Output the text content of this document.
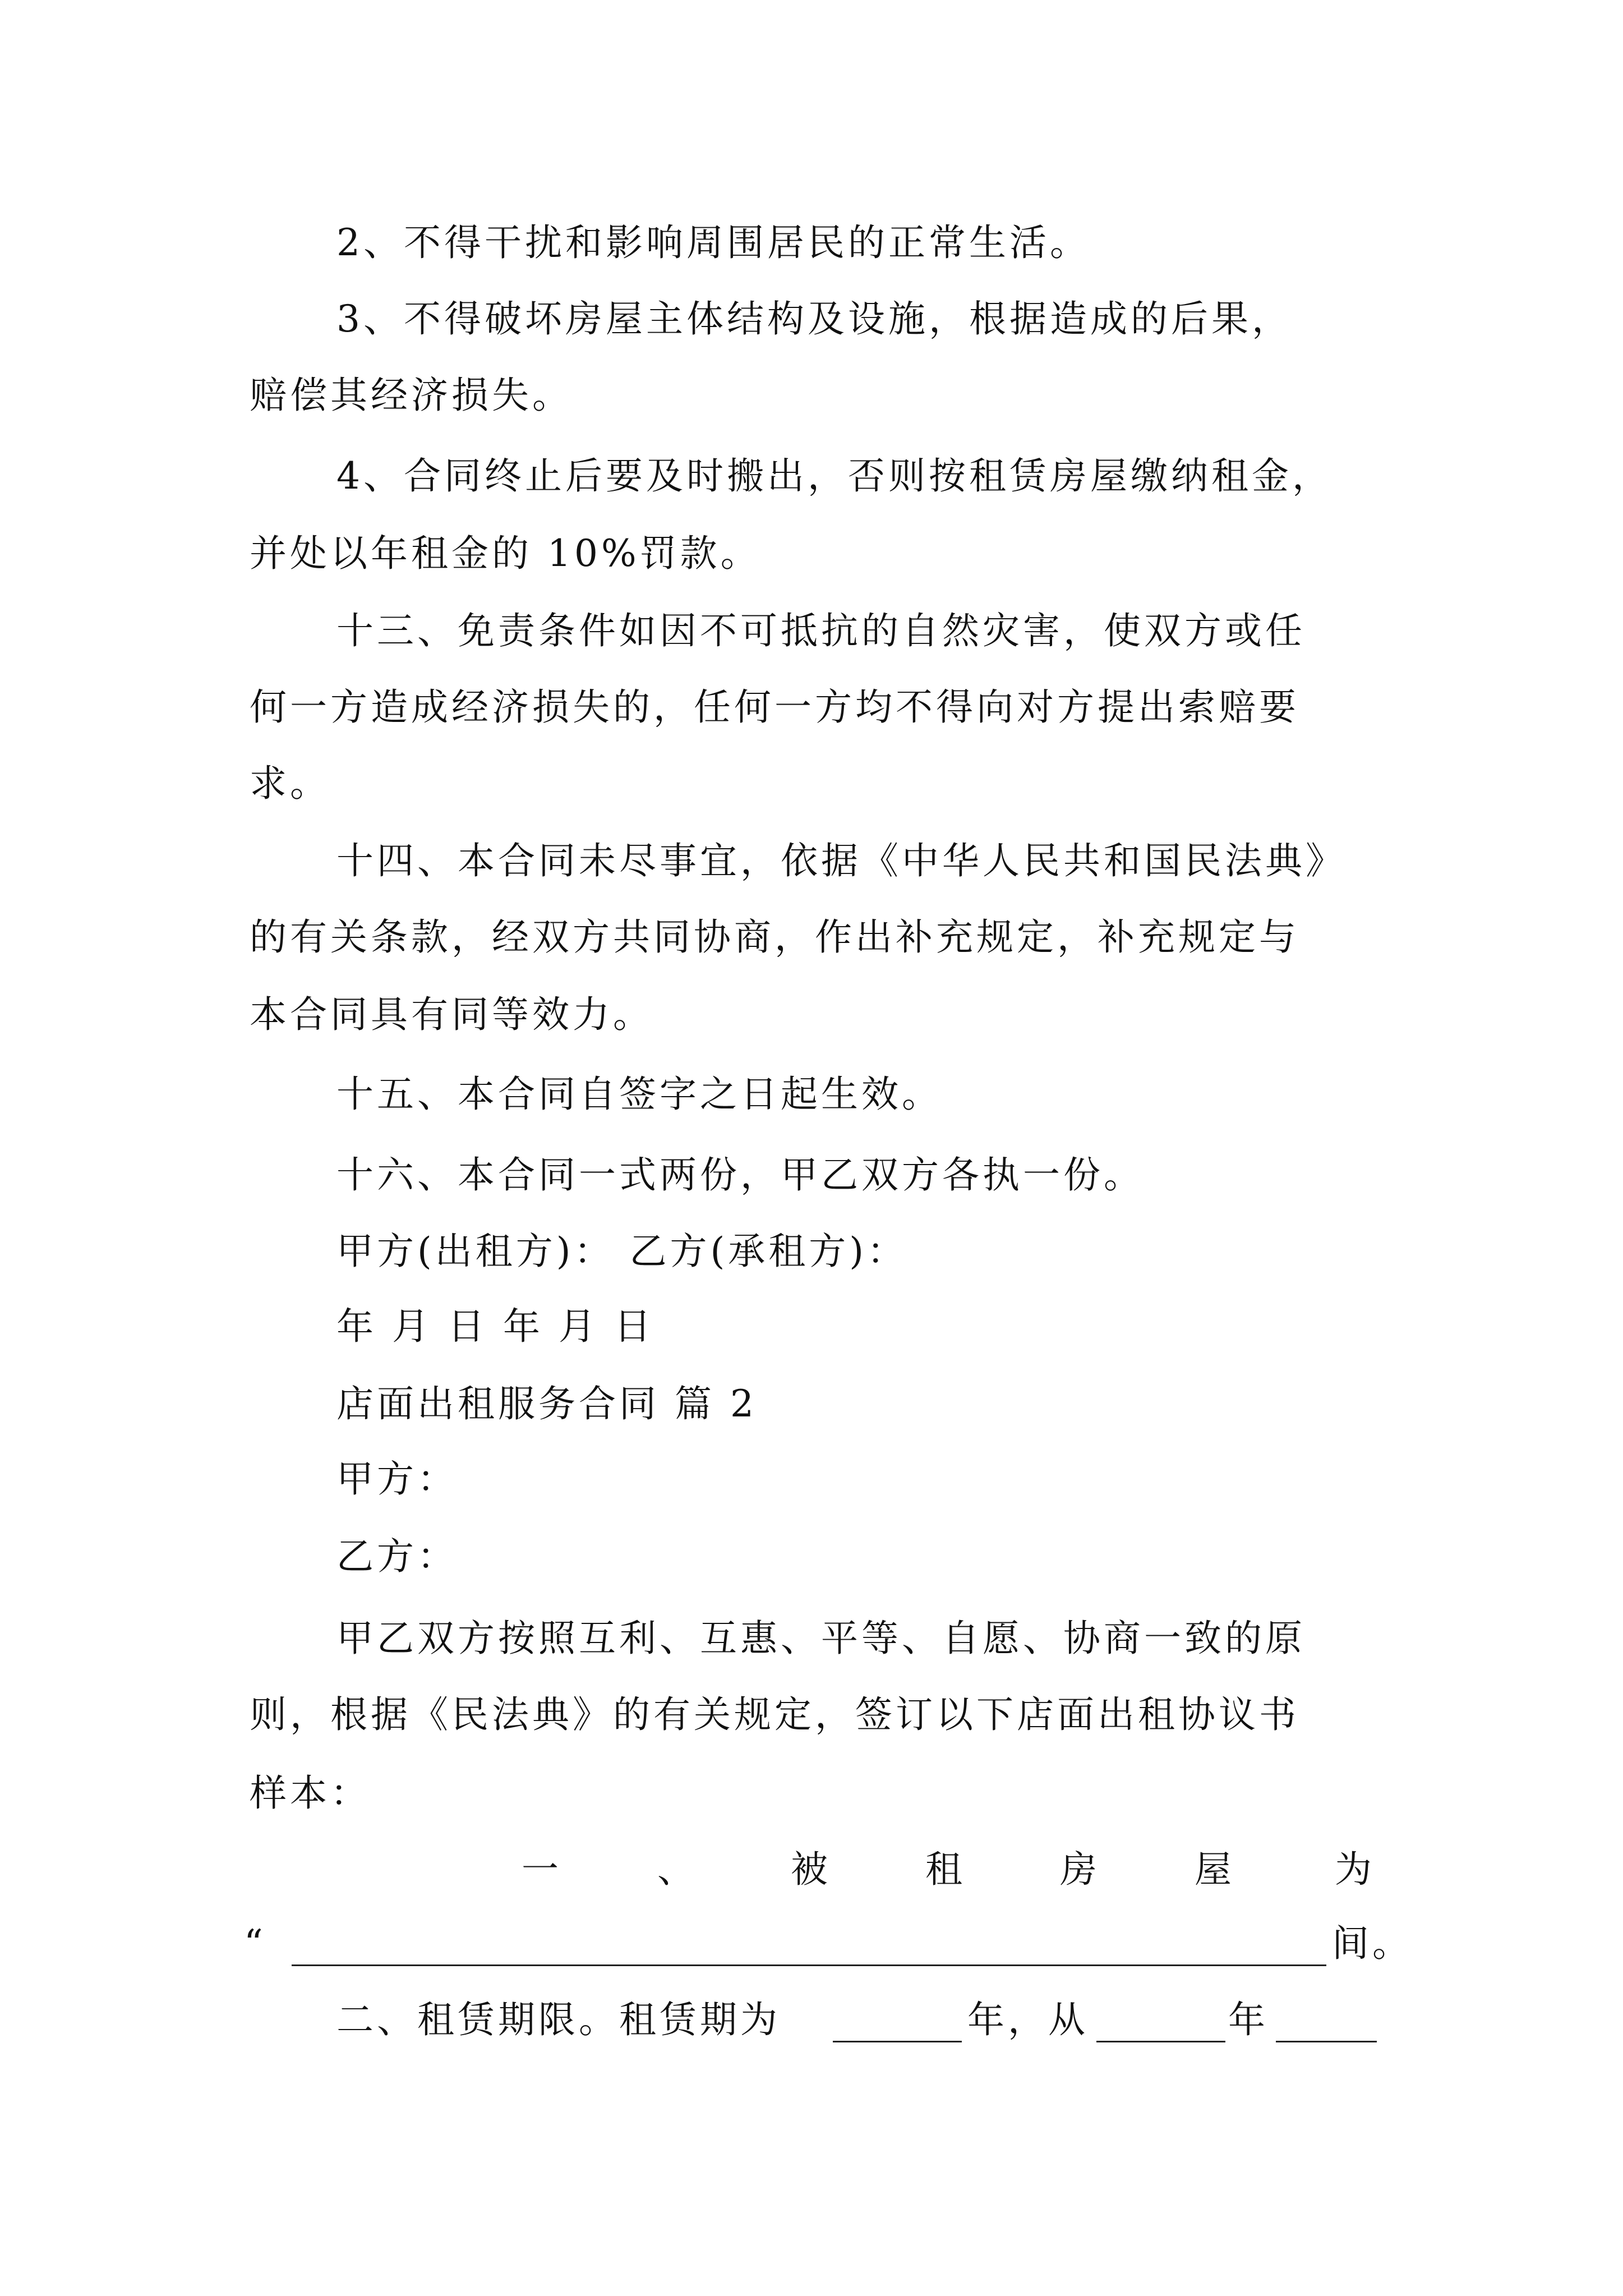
2、不得干扰和影响周围居民的正常生活。
3、不得破坏房屋主体结构及设施，根据造成的后果，
赔偿其经济损失。
4、合同终止后要及时搬出，否则按租赁房屋缴纳租金，
并处以年租金的 10%罚款。
十三、免责条件如因不可抵抗的自然灾害，使双方或任
何一方造成经济损失的，任何一方均不得向对方提出索赔要
求。
十四、本合同未尽事宜，依据《中华人民共和国民法典》
的有关条款，经双方共同协商，作出补充规定，补充规定与
本合同具有同等效力。
十五、本合同自签字之日起生效。
十六、本合同一式两份，甲乙双方各执一份。
甲方(出租方)： 乙方(承租方)：
年 月 日 年 月 日
店面出租服务合同 篇 2
甲方：
乙方：
甲乙双方按照互利、互惠、平等、自愿、协商一致的原
则，根据《民法典》的有关规定，签订以下店面出租协议书
样本：
一	、	被	租	房	屋	为
“	间。
二、租赁期限。租赁期为	年，从	年
